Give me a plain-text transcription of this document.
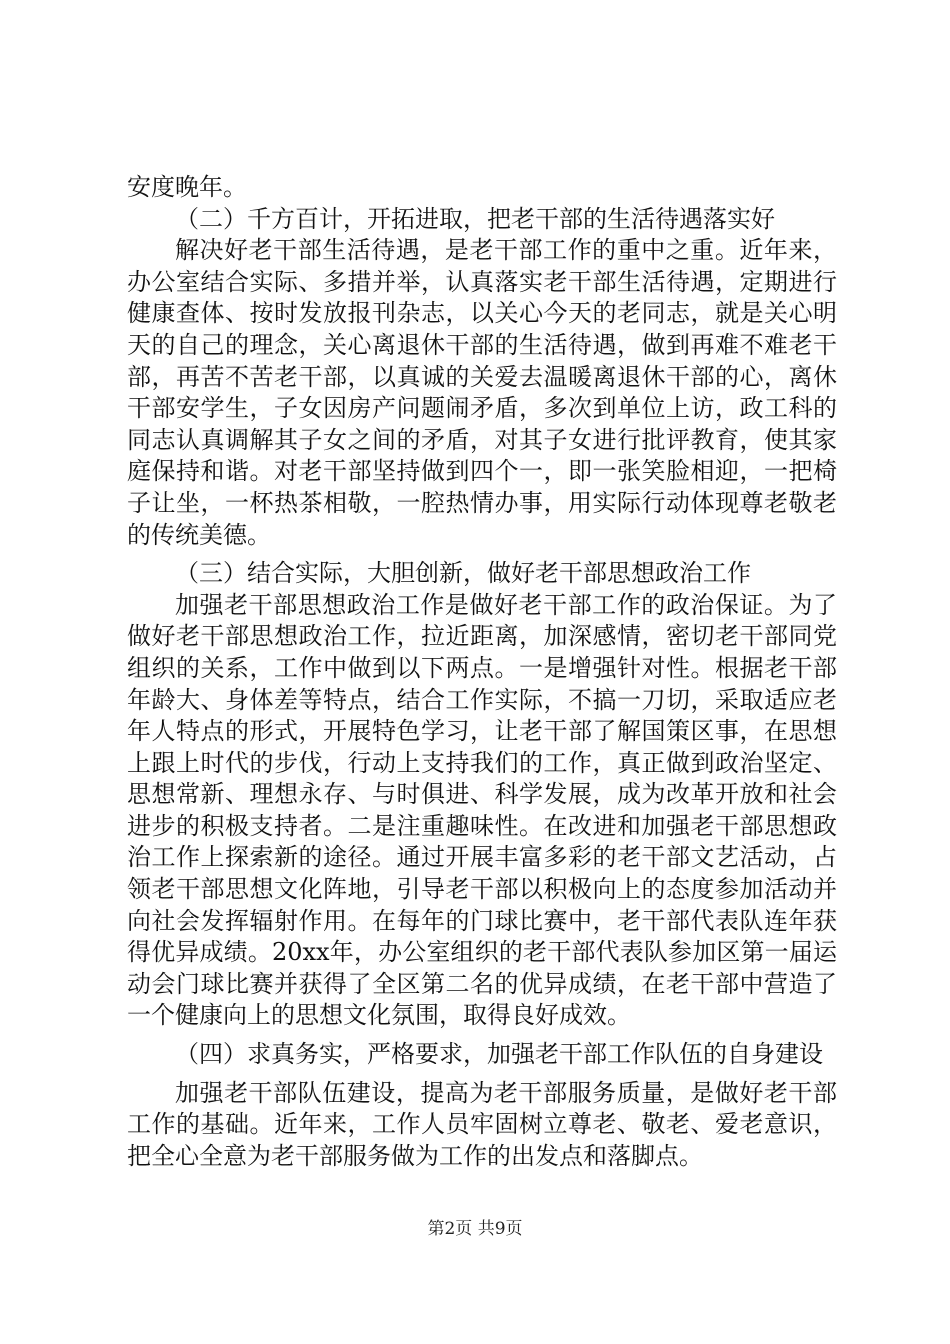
安度晚年。

（二）千方百计，开拓进取，把老干部的生活待遇落实好

解决好老干部生活待遇，是老干部工作的重中之重。近年来，办公室结合实际、多措并举，认真落实老干部生活待遇，定期进行健康查体、按时发放报刊杂志，以关心今天的老同志，就是关心明天的自己的理念，关心离退休干部的生活待遇，做到再难不难老干部，再苦不苦老干部，以真诚的关爱去温暖离退休干部的心，离休干部安学生，子女因房产问题闹矛盾，多次到单位上访，政工科的同志认真调解其子女之间的矛盾，对其子女进行批评教育，使其家庭保持和谐。对老干部坚持做到四个一，即一张笑脸相迎，一把椅子让坐，一杯热茶相敬，一腔热情办事，用实际行动体现尊老敬老的传统美德。

（三）结合实际，大胆创新，做好老干部思想政治工作

加强老干部思想政治工作是做好老干部工作的政治保证。为了做好老干部思想政治工作，拉近距离，加深感情，密切老干部同党组织的关系，工作中做到以下两点。一是增强针对性。根据老干部年龄大、身体差等特点，结合工作实际，不搞一刀切，采取适应老年人特点的形式，开展特色学习，让老干部了解国策区事，在思想上跟上时代的步伐，行动上支持我们的工作，真正做到政治坚定、思想常新、理想永存、与时俱进、科学发展，成为改革开放和社会进步的积极支持者。二是注重趣味性。在改进和加强老干部思想政治工作上探索新的途径。通过开展丰富多彩的老干部文艺活动，占领老干部思想文化阵地，引导老干部以积极向上的态度参加活动并向社会发挥辐射作用。在每年的门球比赛中，老干部代表队连年获得优异成绩。20xx年，办公室组织的老干部代表队参加区第一届运动会门球比赛并获得了全区第二名的优异成绩，在老干部中营造了一个健康向上的思想文化氛围，取得良好成效。

（四）求真务实，严格要求，加强老干部工作队伍的自身建设

加强老干部队伍建设，提高为老干部服务质量，是做好老干部工作的基础。近年来，工作人员牢固树立尊老、敬老、爱老意识，把全心全意为老干部服务做为工作的出发点和落脚点。

第2页 共9页
